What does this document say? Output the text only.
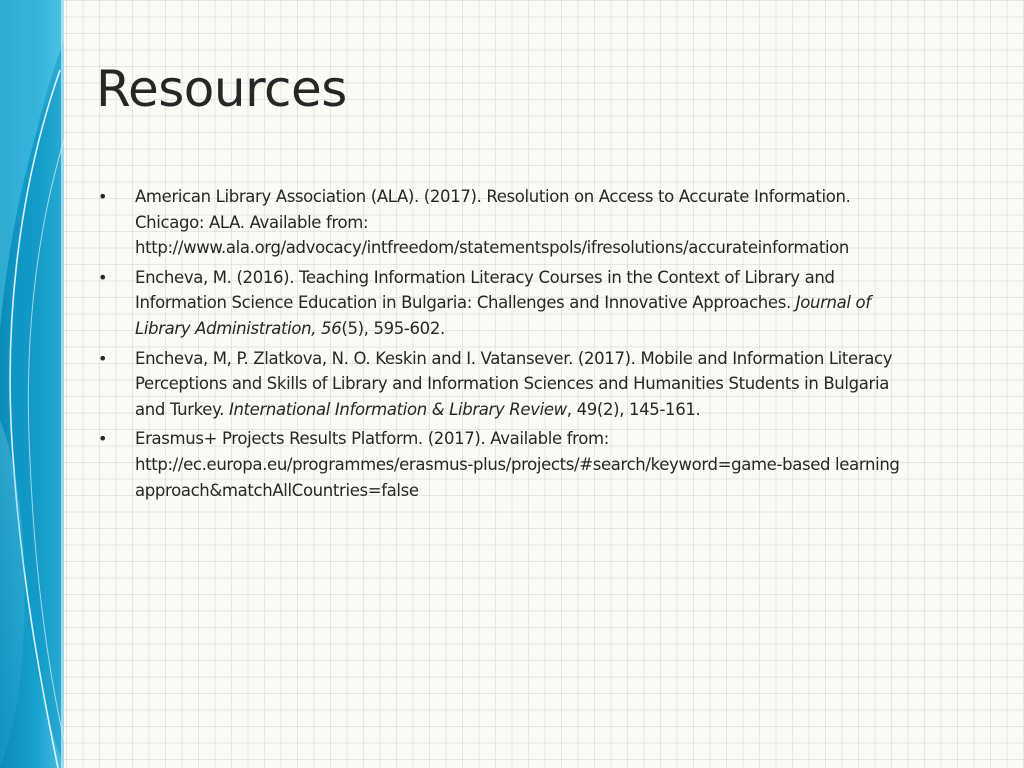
Resources
• American Library Association (ALA). (2017). Resolution on Access to Accurate Information.
Chicago: ALA. Available from:
http://www.ala.org/advocacy/intfreedom/statementspols/ifresolutions/accurateinformation
• Encheva, M. (2016). Teaching Information Literacy Courses in the Context of Library and
Information Science Education in Bulgaria: Challenges and Innovative Approaches. Journal of
Library Administration, 56(5), 595-602.
• Encheva, M, P. Zlatkova, N. O. Keskin and I. Vatansever. (2017). Mobile and Information Literacy
Perceptions and Skills of Library and Information Sciences and Humanities Students in Bulgaria
and Turkey. International Information & Library Review, 49(2), 145-161.
• Erasmus+ Projects Results Platform. (2017). Available from:
http://ec.europa.eu/programmes/erasmus-plus/projects/#search/keyword=game-based learning
approach&matchAllCountries=false
